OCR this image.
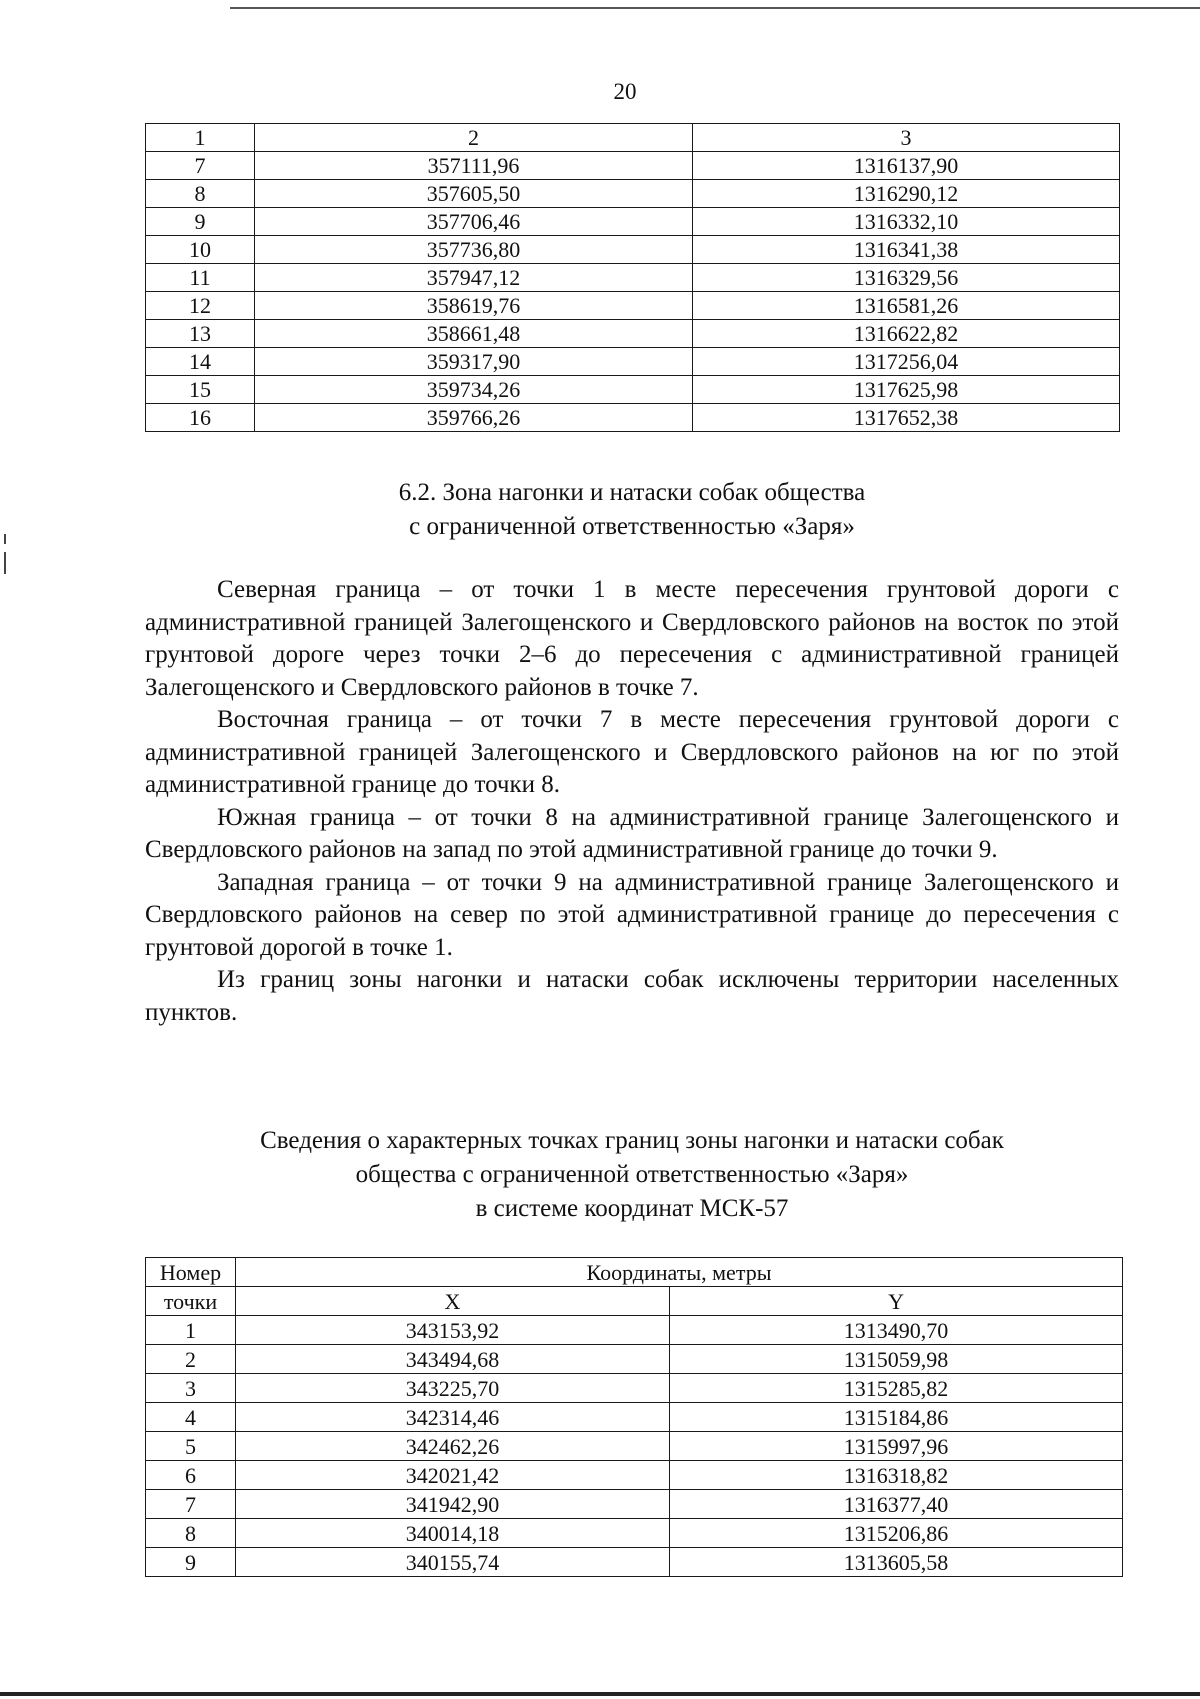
20
1	2	3
7	357111,96	1316137,90
8	357605,50	1316290,12
9	357706,46	1316332,10
10	357736,80	1316341,38
11	357947,12	1316329,56
12	358619,76	1316581,26
13	358661,48	1316622,82
14	359317,90	1317256,04
15	359734,26	1317625,98
16	359766,26	1317652,38
6.2. Зона нагонки и натаски собак общества
с ограниченной ответственностью «Заря»

Северная граница – от точки 1 в месте пересечения грунтовой дороги с административной границей Залегощенского и Свердловского районов на восток по этой грунтовой дороге через точки 2–6 до пересечения с административной границей Залегощенского и Свердловского районов в точке 7.

Восточная граница – от точки 7 в месте пересечения грунтовой дороги с административной границей Залегощенского и Свердловского районов на юг по этой административной границе до точки 8.

Южная граница – от точки 8 на административной границе Залегощенского и Свердловского районов на запад по этой административной границе до точки 9.

Западная граница – от точки 9 на административной границе Залегощенского и Свердловского районов на север по этой административной границе до пересечения с грунтовой дорогой в точке 1.

Из границ зоны нагонки и натаски собак исключены территории населенных пунктов.

Сведения о характерных точках границ зоны нагонки и натаски собак
общества с ограниченной ответственностью «Заря»
в системе координат МСК-57
Номер	Координаты, метры	
точки	X	Y
1	343153,92	1313490,70
2	343494,68	1315059,98
3	343225,70	1315285,82
4	342314,46	1315184,86
5	342462,26	1315997,96
6	342021,42	1316318,82
7	341942,90	1316377,40
8	340014,18	1315206,86
9	340155,74	1313605,58
